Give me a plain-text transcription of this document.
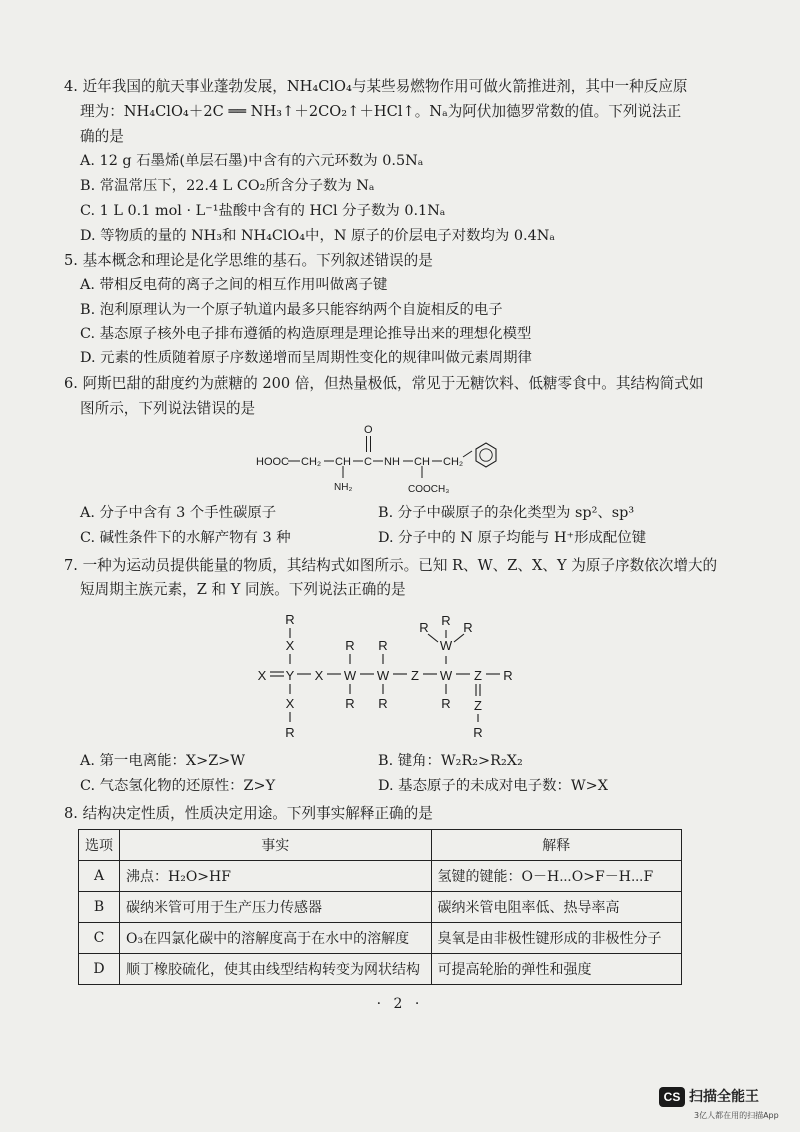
4. 近年我国的航天事业蓬勃发展，NH₄ClO₄与某些易燃物作用可做火箭推进剂，其中一种反应原
理为：NH₄ClO₄＋2C ══ NH₃↑＋2CO₂↑＋HCl↑。Nₐ为阿伏加德罗常数的值。下列说法正
确的是
A. 12 g 石墨烯(单层石墨)中含有的六元环数为 0.5Nₐ
B. 常温常压下，22.4 L CO₂所含分子数为 Nₐ
C. 1 L 0.1 mol · L⁻¹盐酸中含有的 HCl 分子数为 0.1Nₐ
D. 等物质的量的 NH₃和 NH₄ClO₄中，N 原子的价层电子对数均为 0.4Nₐ
5. 基本概念和理论是化学思维的基石。下列叙述错误的是
A. 带相反电荷的离子之间的相互作用叫做离子键
B. 泡利原理认为一个原子轨道内最多只能容纳两个自旋相反的电子
C. 基态原子核外电子排布遵循的构造原理是理论推导出来的理想化模型
D. 元素的性质随着原子序数递增而呈周期性变化的规律叫做元素周期律
6. 阿斯巴甜的甜度约为蔗糖的 200 倍，但热量极低，常见于无糖饮料、低糖零食中。其结构简式如
图所示，下列说法错误的是
HOOC CH₂ CH
NH₂
C
O
NH CH
COOCH₃
CH₂
A. 分子中含有 3 个手性碳原子	B. 分子中碳原子的杂化类型为 sp²、sp³
C. 碱性条件下的水解产物有 3 种	D. 分子中的 N 原子均能与 H⁺形成配位键
7. 一种为运动员提供能量的物质，其结构式如图所示。已知 R、W、Z、X、Y 为原子序数依次增大的
短周期主族元素，Z 和 Y 同族。下列说法正确的是
X Y X W W Z W Z R
X
R
X
R
R
R
R
R
W
R
R	R
R Z
R
A. 第一电离能：X>Z>W	B. 键角：W₂R₂>R₂X₂
C. 气态氢化物的还原性：Z>Y	D. 基态原子的未成对电子数：W>X
8. 结构决定性质，性质决定用途。下列事实解释正确的是
选项	事实	解释
A	沸点：H₂O>HF	氢键的键能：O－H⋯O>F－H⋯F
B	碳纳米管可用于生产压力传感器	碳纳米管电阻率低、热导率高
C	O₃在四氯化碳中的溶解度高于在水中的溶解度	臭氧是由非极性键形成的非极性分子
D	顺丁橡胶硫化，使其由线型结构转变为网状结构	可提高轮胎的弹性和强度
· 2 ·
CS 扫描全能王
3亿人都在用的扫描App
